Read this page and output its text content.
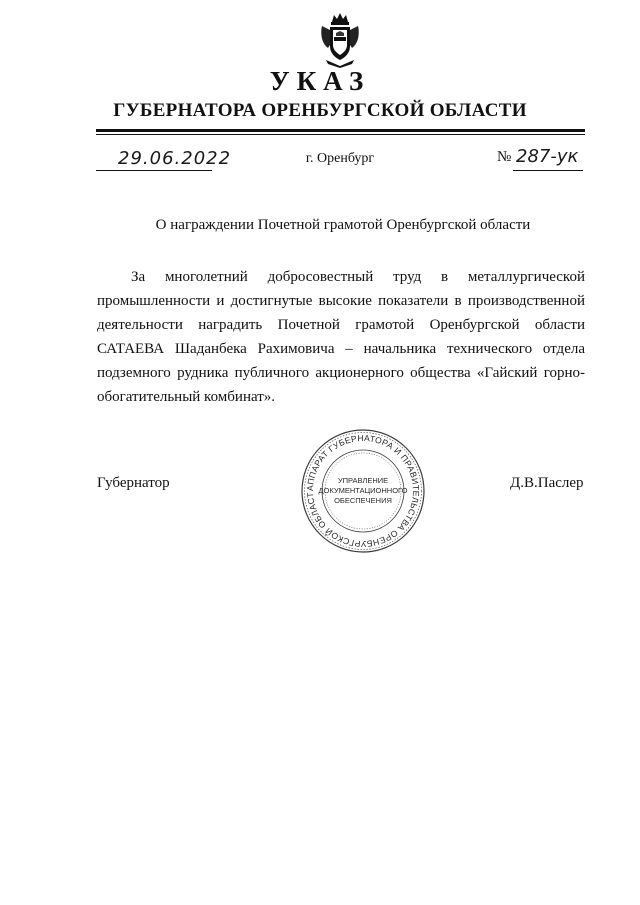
УКАЗ
ГУБЕРНАТОРА ОРЕНБУРГСКОЙ ОБЛАСТИ
29.06.2022	г. Оренбург	№ 287-ук
О награждении Почетной грамотой Оренбургской области
За многолетний добросовестный труд в металлургической промышленности и достигнутые высокие показатели в производственной деятельности наградить Почетной грамотой Оренбургской области САТАЕВА Шаданбека Рахимовича – начальника технического отдела подземного рудника публичного акционерного общества «Гайский горно-обогатительный комбинат».
Губернатор	Д.В.Паслер
АППАРАТ ГУБЕРНАТОРА И ПРАВИТЕЛЬСТВА ОРЕНБУРГСКОЙ ОБЛАСТ
УПРАВЛЕНИЕ
ДОКУМЕНТАЦИОННОГО
ОБЕСПЕЧЕНИЯ
